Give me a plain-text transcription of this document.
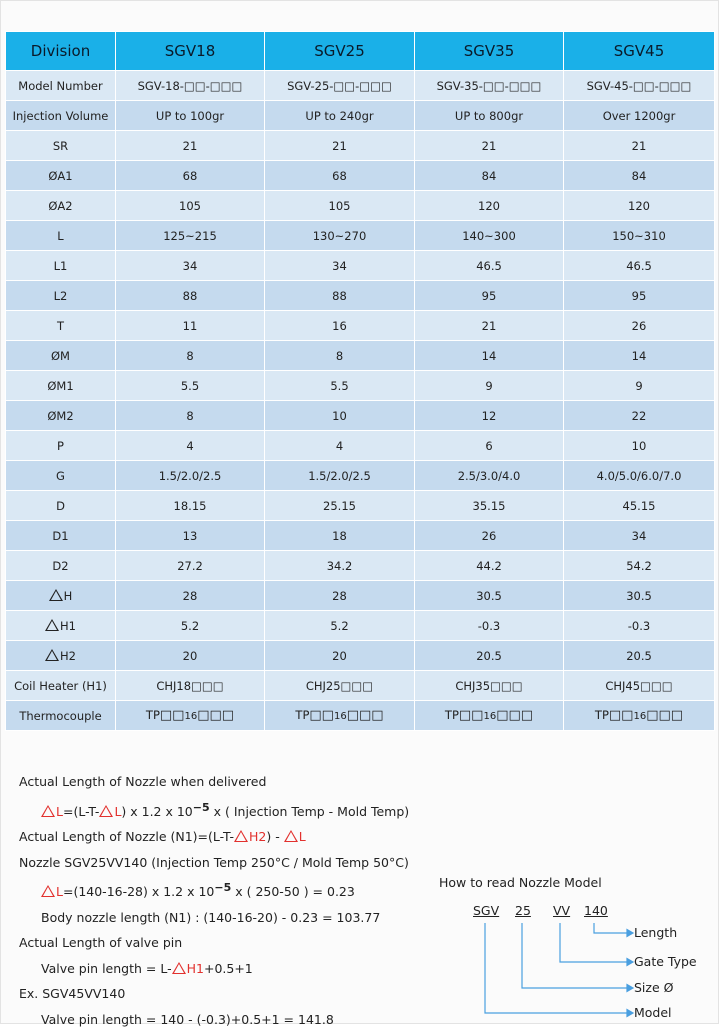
Division	SGV18	SGV25	SGV35	SGV45
Model Number	SGV-18-□□-□□□	SGV-25-□□-□□□	SGV-35-□□-□□□	SGV-45-□□-□□□
Injection Volume	UP to 100gr	UP to 240gr	UP to 800gr	Over 1200gr
SR	21	21	21	21
ØA1	68	68	84	84
ØA2	105	105	120	120
L	125~215	130~270	140~300	150~310
L1	34	34	46.5	46.5
L2	88	88	95	95
T	11	16	21	26
ØM	8	8	14	14
ØM1	5.5	5.5	9	9
ØM2	8	10	12	22
P	4	4	6	10
G	1.5/2.0/2.5	1.5/2.0/2.5	2.5/3.0/4.0	4.0/5.0/6.0/7.0
D	18.15	25.15	35.15	45.15
D1	13	18	26	34
D2	27.2	34.2	44.2	54.2
H	28	28	30.5	30.5
H1	5.2	5.2	-0.3	-0.3
H2	20	20	20.5	20.5
Coil Heater (H1)	CHJ18□□□	CHJ25□□□	CHJ35□□□	CHJ45□□□
Thermocouple	TP□□16□□□	TP□□16□□□	TP□□16□□□	TP□□16□□□
Actual Length of Nozzle when delivered
L=(L-T- L) x 1.2 x $10^{-5}$ x ( Injection Temp - Mold Temp)
Actual Length of Nozzle (N1)=(L-T- H2) - L
Nozzle SGV25VV140 (Injection Temp 250°C / Mold Temp 50°C)
L=(140-16-28) x 1.2 x $10^{-5}$ x ( 250-50 ) = 0.23
Body nozzle length (N1) : (140-16-20) - 0.23 = 103.77
Actual Length of valve pin
Valve pin length = L- H1+0.5+1
Ex. SGV45VV140
Valve pin length = 140 - (-0.3)+0.5+1 = 141.8
How to read Nozzle Model
SGV 25 VV 140
Length
Gate Type
Size Ø
Model
